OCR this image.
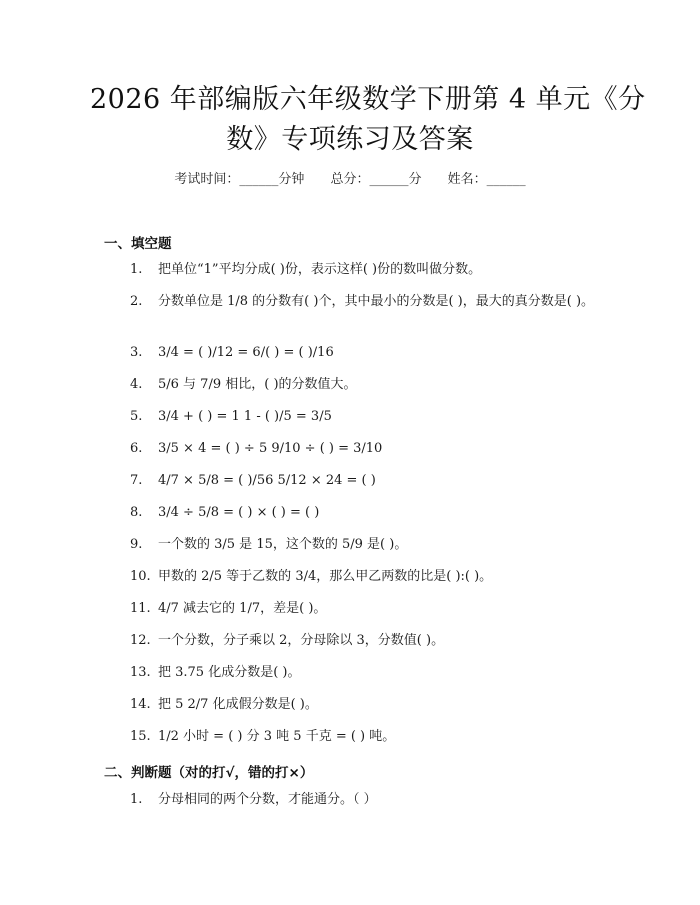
2026 年部编版六年级数学下册第 4 单元《分
数》专项练习及答案
考试时间：______分钟 总分：______分 姓名：______
一、填空题
1. 把单位“1”平均分成( )份，表示这样( )份的数叫做分数。
2. 分数单位是 1/8 的分数有( )个，其中最小的分数是( )，最大的真分数是( )。
3. 3/4 = ( )/12 = 6/( ) = ( )/16
4. 5/6 与 7/9 相比，( )的分数值大。
5. 3/4 + ( ) = 1 1 - ( )/5 = 3/5
6. 3/5 × 4 = ( ) ÷ 5 9/10 ÷ ( ) = 3/10
7. 4/7 × 5/8 = ( )/56 5/12 × 24 = ( )
8. 3/4 ÷ 5/8 = ( ) × ( ) = ( )
9. 一个数的 3/5 是 15，这个数的 5/9 是( )。
10. 甲数的 2/5 等于乙数的 3/4，那么甲乙两数的比是( ):( )。
11. 4/7 减去它的 1/7，差是( )。
12. 一个分数，分子乘以 2，分母除以 3，分数值( )。
13. 把 3.75 化成分数是( )。
14. 把 5 2/7 化成假分数是( )。
15. 1/2 小时 = ( ) 分 3 吨 5 千克 = ( ) 吨。
二、判断题（对的打√，错的打×）
1. 分母相同的两个分数，才能通分。（ ）
